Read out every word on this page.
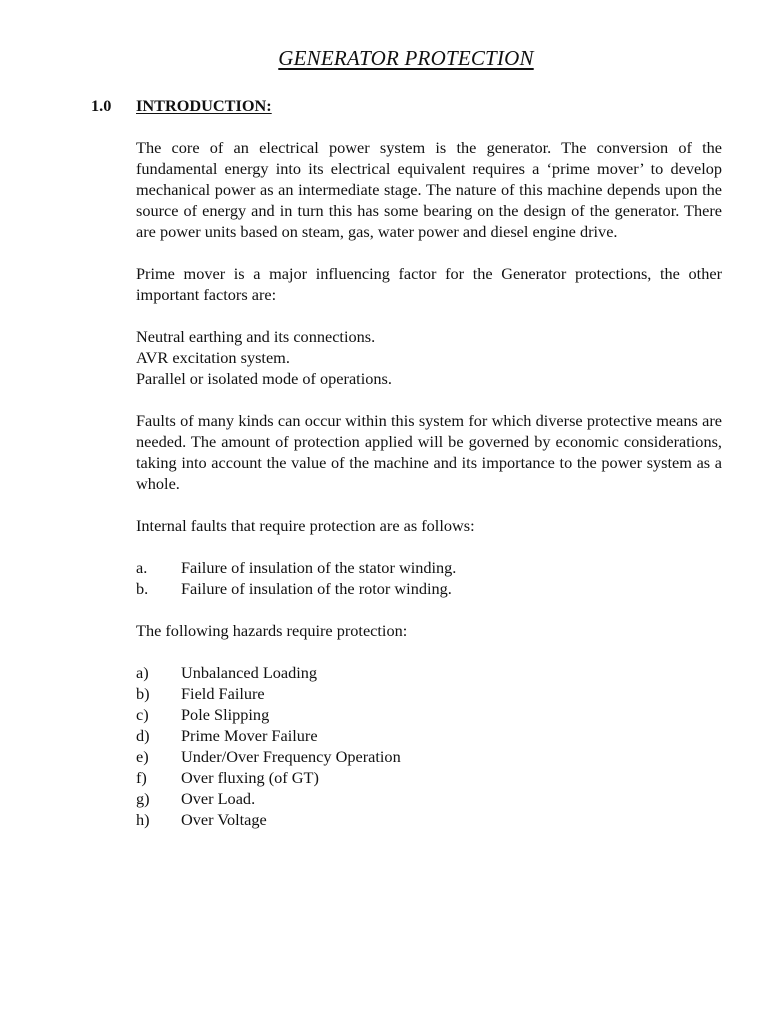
GENERATOR PROTECTION
1.0 INTRODUCTION:

The core of an electrical power system is the generator. The conversion of the fundamental energy into its electrical equivalent requires a ‘prime mover’ to develop mechanical power as an intermediate stage. The nature of this machine depends upon the source of energy and in turn this has some bearing on the design of the generator. There are power units based on steam, gas, water power and diesel engine drive.

Prime mover is a major influencing factor for the Generator protections, the other important factors are:

Neutral earthing and its connections.

AVR excitation system.

Parallel or isolated mode of operations.

Faults of many kinds can occur within this system for which diverse protective means are needed. The amount of protection applied will be governed by economic considerations, taking into account the value of the machine and its importance to the power system as a whole.

Internal faults that require protection are as follows:

a. Failure of insulation of the stator winding.
b. Failure of insulation of the rotor winding.

The following hazards require protection:

a) Unbalanced Loading
b) Field Failure
c) Pole Slipping
d) Prime Mover Failure
e) Under/Over Frequency Operation
f) Over fluxing (of GT)
g) Over Load.
h) Over Voltage
